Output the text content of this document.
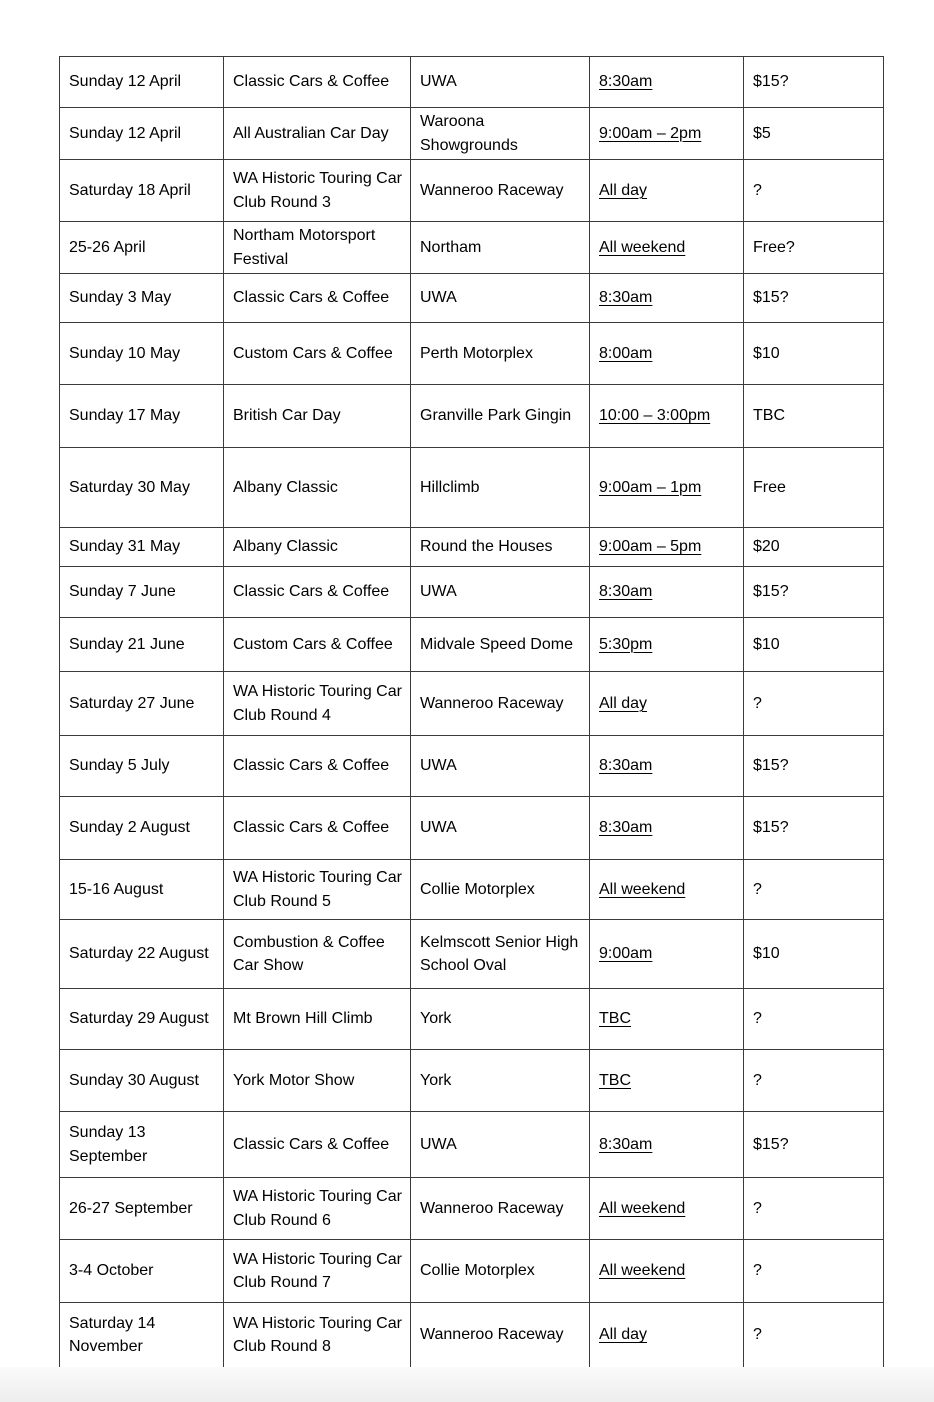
Sunday 12 April	Classic Cars & Coffee	UWA	8:30am	$15?
Sunday 12 April	All Australian Car Day	Waroona Showgrounds	9:00am – 2pm	$5
Saturday 18 April	WA Historic Touring Car Club Round 3	Wanneroo Raceway	All day	?
25-26 April	Northam Motorsport Festival	Northam	All weekend	Free?
Sunday 3 May	Classic Cars & Coffee	UWA	8:30am	$15?
Sunday 10 May	Custom Cars & Coffee	Perth Motorplex	8:00am	$10
Sunday 17 May	British Car Day	Granville Park Gingin	10:00 – 3:00pm	TBC
Saturday 30 May	Albany Classic	Hillclimb	9:00am – 1pm	Free
Sunday 31 May	Albany Classic	Round the Houses	9:00am – 5pm	$20
Sunday 7 June	Classic Cars & Coffee	UWA	8:30am	$15?
Sunday 21 June	Custom Cars & Coffee	Midvale Speed Dome	5:30pm	$10
Saturday 27 June	WA Historic Touring Car Club Round 4	Wanneroo Raceway	All day	?
Sunday 5 July	Classic Cars & Coffee	UWA	8:30am	$15?
Sunday 2 August	Classic Cars & Coffee	UWA	8:30am	$15?
15-16 August	WA Historic Touring Car Club Round 5	Collie Motorplex	All weekend	?
Saturday 22 August	Combustion & Coffee Car Show	Kelmscott Senior High School Oval	9:00am	$10
Saturday 29 August	Mt Brown Hill Climb	York	TBC	?
Sunday 30 August	York Motor Show	York	TBC	?
Sunday 13 September	Classic Cars & Coffee	UWA	8:30am	$15?
26-27 September	WA Historic Touring Car Club Round 6	Wanneroo Raceway	All weekend	?
3-4 October	WA Historic Touring Car Club Round 7	Collie Motorplex	All weekend	?
Saturday 14 November	WA Historic Touring Car Club Round 8	Wanneroo Raceway	All day	?
